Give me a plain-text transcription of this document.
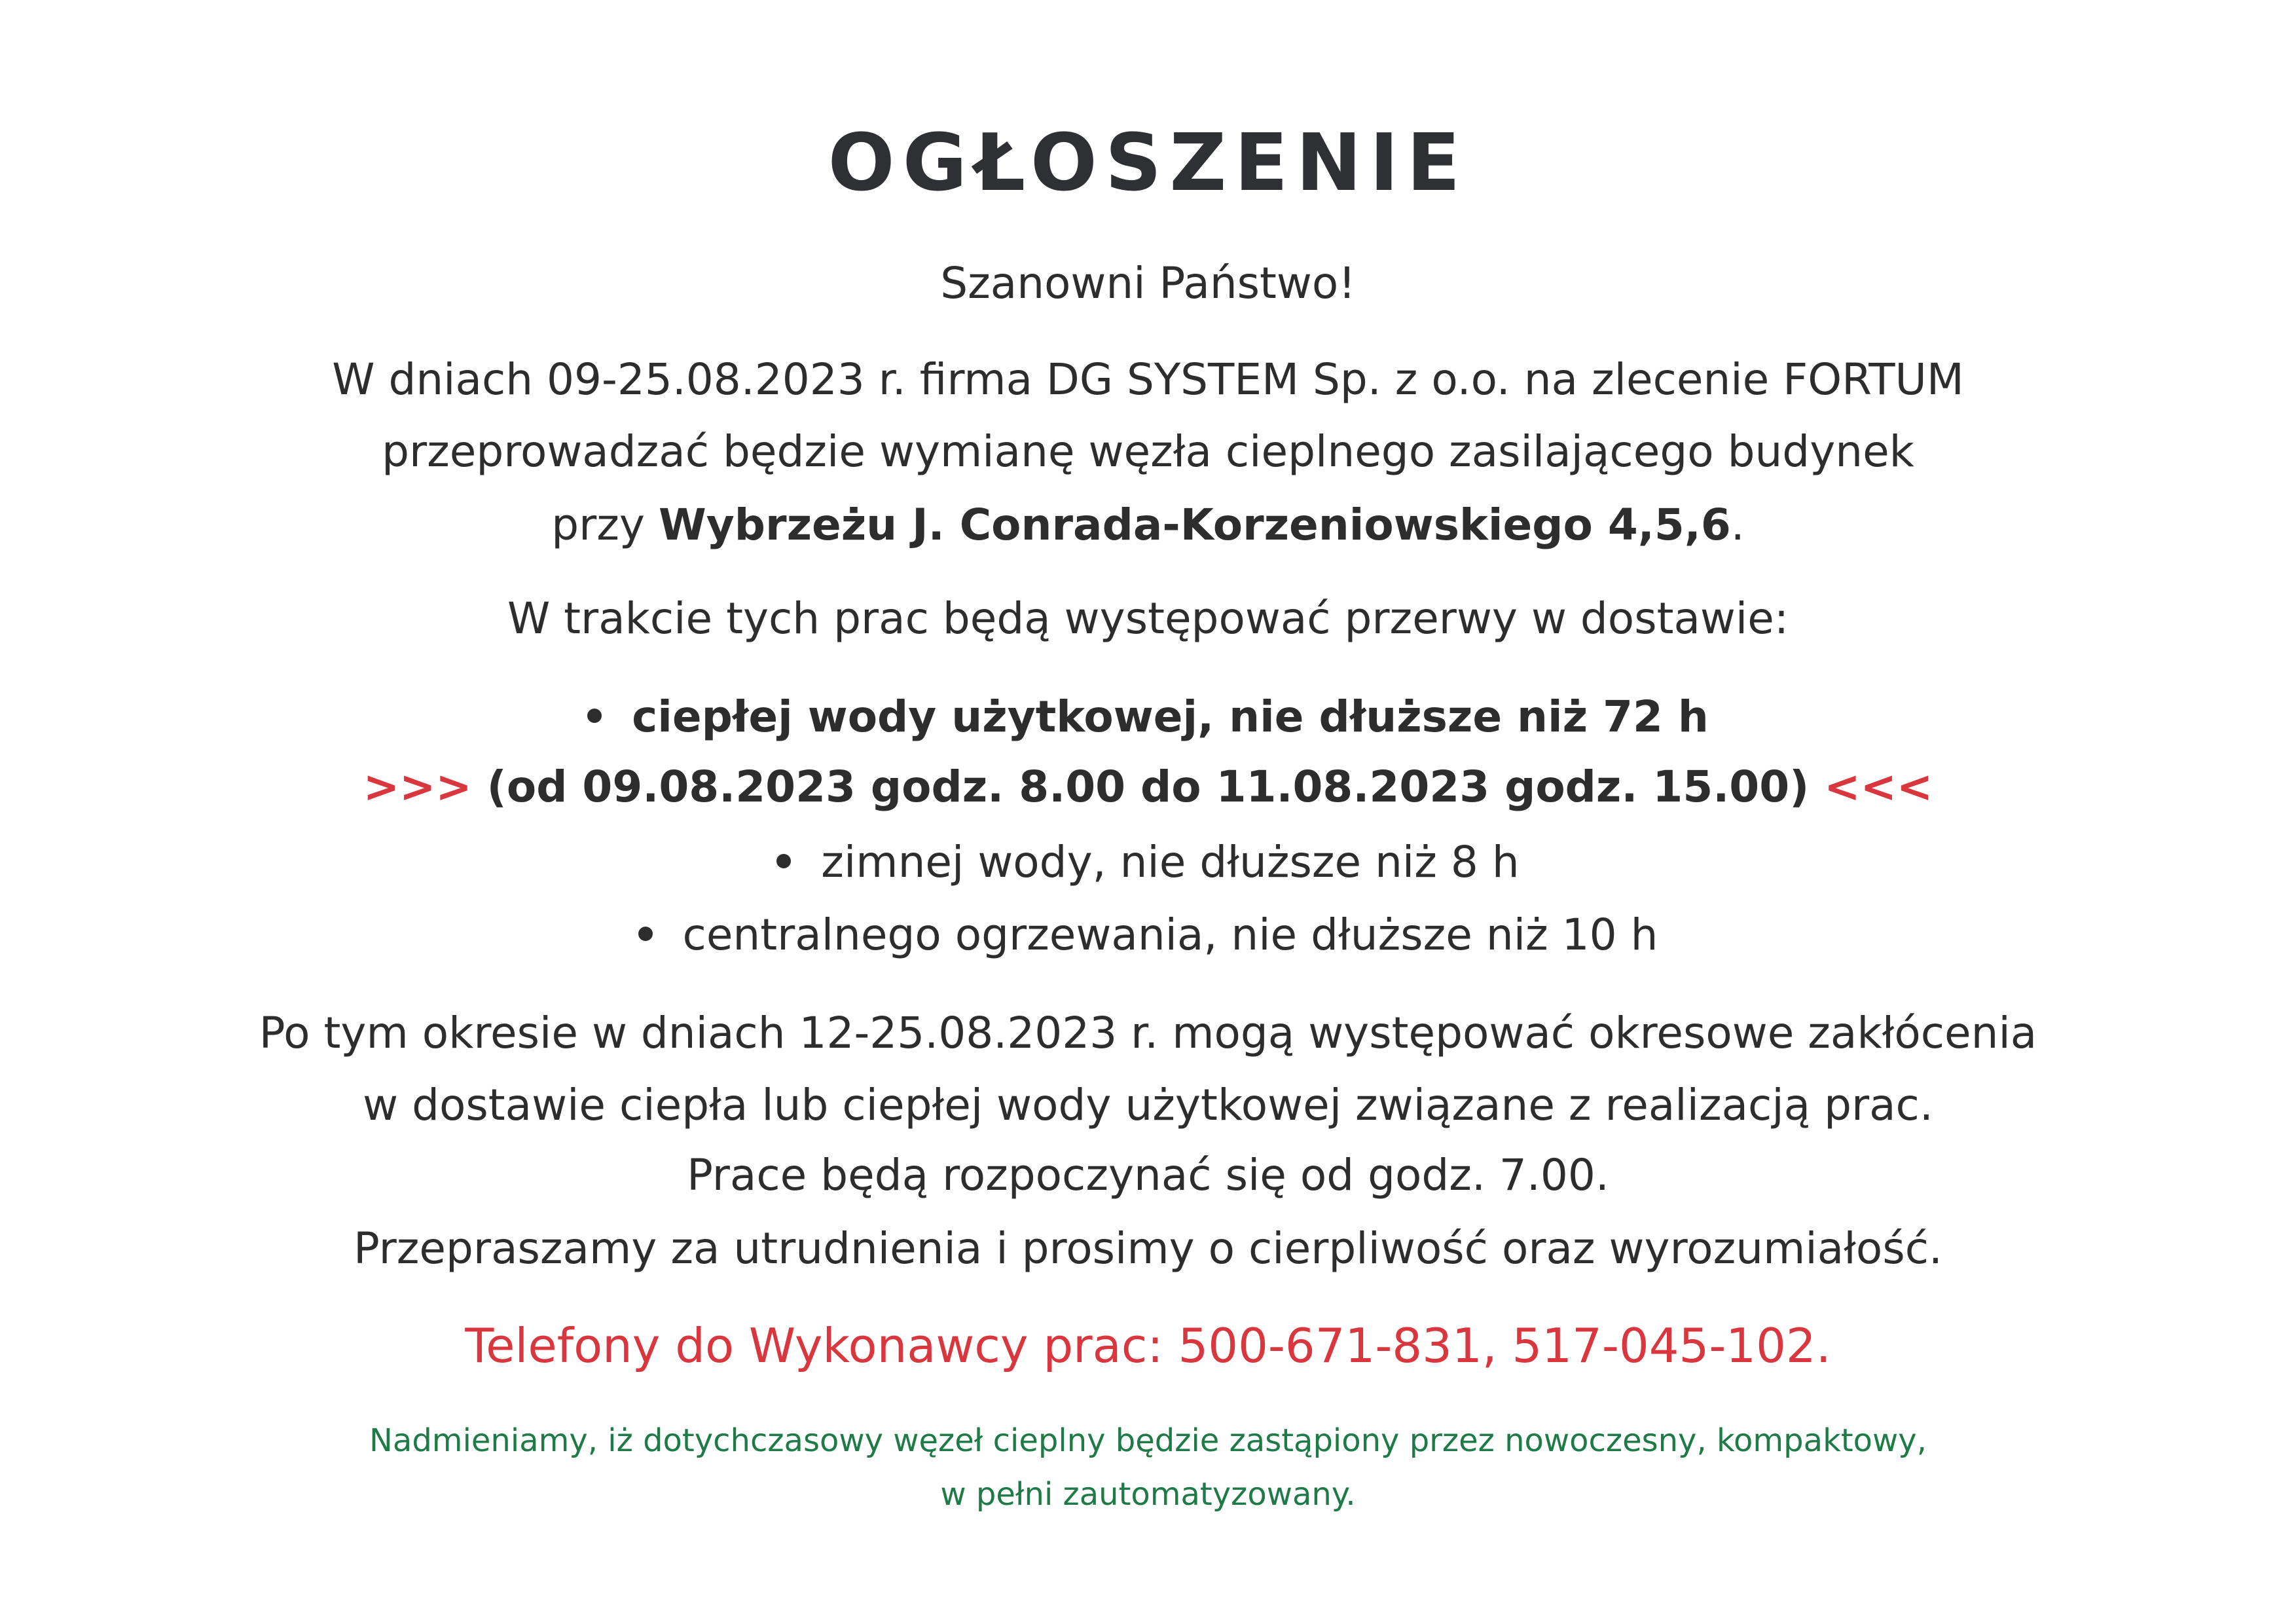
OGŁOSZENIE
Szanowni Państwo!
W dniach 09-25.08.2023 r. firma DG SYSTEM Sp. z o.o. na zlecenie FORTUM
przeprowadzać będzie wymianę węzła cieplnego zasilającego budynek
przy Wybrzeżu J. Conrada-Korzeniowskiego 4,5,6.
W trakcie tych prac będą występować przerwy w dostawie:
ciepłej wody użytkowej, nie dłuższe niż 72 h
>>> (od 09.08.2023 godz. 8.00 do 11.08.2023 godz. 15.00) <<<
zimnej wody, nie dłuższe niż 8 h
centralnego ogrzewania, nie dłuższe niż 10 h
Po tym okresie w dniach 12-25.08.2023 r. mogą występować okresowe zakłócenia
w dostawie ciepła lub ciepłej wody użytkowej związane z realizacją prac.
Prace będą rozpoczynać się od godz. 7.00.
Przepraszamy za utrudnienia i prosimy o cierpliwość oraz wyrozumiałość.
Telefony do Wykonawcy prac: 500-671-831, 517-045-102.
Nadmieniamy, iż dotychczasowy węzeł cieplny będzie zastąpiony przez nowoczesny, kompaktowy,
w pełni zautomatyzowany.
